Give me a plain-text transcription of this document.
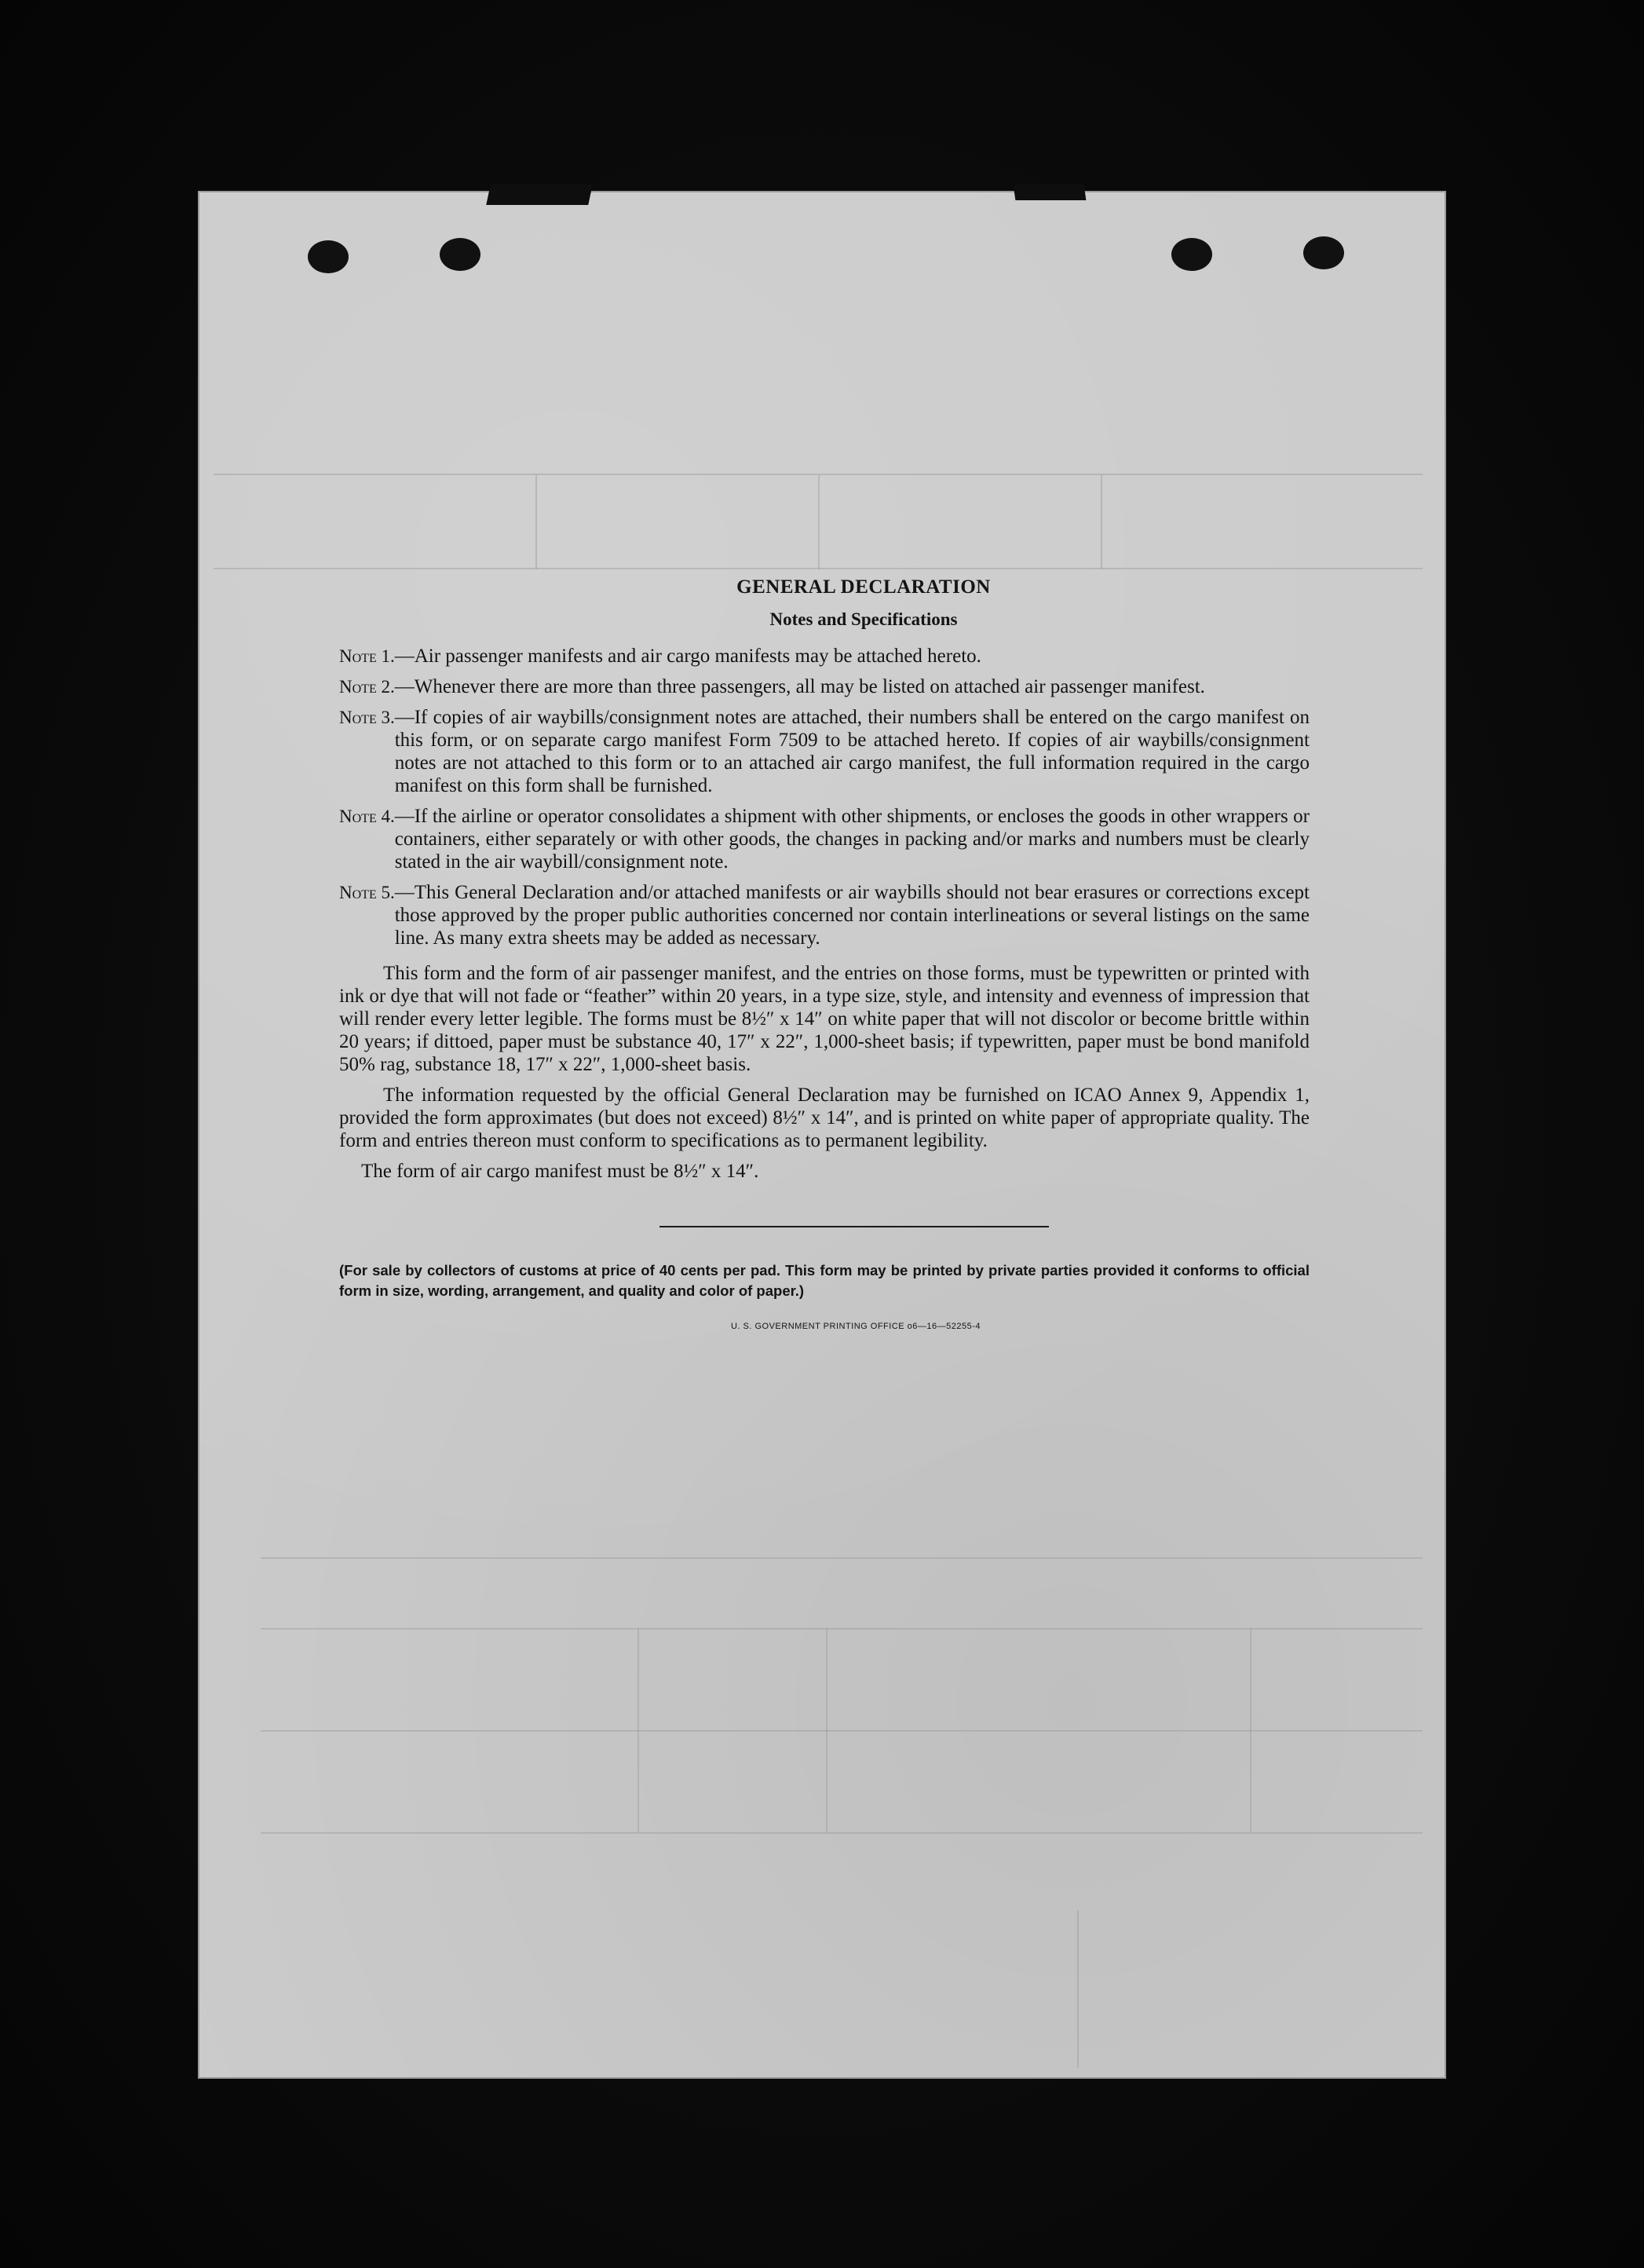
GENERAL DECLARATION
Notes and Specifications
Note 1. —Air passenger manifests and air cargo manifests may be attached hereto.
Note 2. —Whenever there are more than three passengers, all may be listed on attached air passenger manifest.
Note 3. —If copies of air waybills/consignment notes are attached, their numbers shall be entered on the cargo manifest on this form, or on separate cargo manifest Form 7509 to be attached hereto. If copies of air waybills/consignment notes are not attached to this form or to an attached air cargo manifest, the full information required in the cargo manifest on this form shall be furnished.
Note 4. —If the airline or operator consolidates a shipment with other shipments, or encloses the goods in other wrappers or containers, either separately or with other goods, the changes in packing and/or marks and numbers must be clearly stated in the air waybill/consignment note.
Note 5. —This General Declaration and/or attached manifests or air waybills should not bear erasures or corrections except those approved by the proper public authorities concerned nor contain interlineations or several listings on the same line. As many extra sheets may be added as necessary.
This form and the form of air passenger manifest, and the entries on those forms, must be typewritten or printed with ink or dye that will not fade or “feather” within 20 years, in a type size, style, and intensity and evenness of impression that will render every letter legible. The forms must be 8½″ x 14″ on white paper that will not discolor or become brittle within 20 years; if dittoed, paper must be substance 40, 17″ x 22″, 1,000-sheet basis; if typewritten, paper must be bond manifold 50% rag, substance 18, 17″ x 22″, 1,000-sheet basis.
The information requested by the official General Declaration may be furnished on ICAO Annex 9, Appendix 1, provided the form approximates (but does not exceed) 8½″ x 14″, and is printed on white paper of appropriate quality. The form and entries thereon must conform to specifications as to permanent legibility.
The form of air cargo manifest must be 8½″ x 14″.
(For sale by collectors of customs at price of 40 cents per pad. This form may be printed by private parties provided it conforms to official form in size, wording, arrangement, and quality and color of paper.)
U. S. GOVERNMENT PRINTING OFFICE o6—16—52255-4
